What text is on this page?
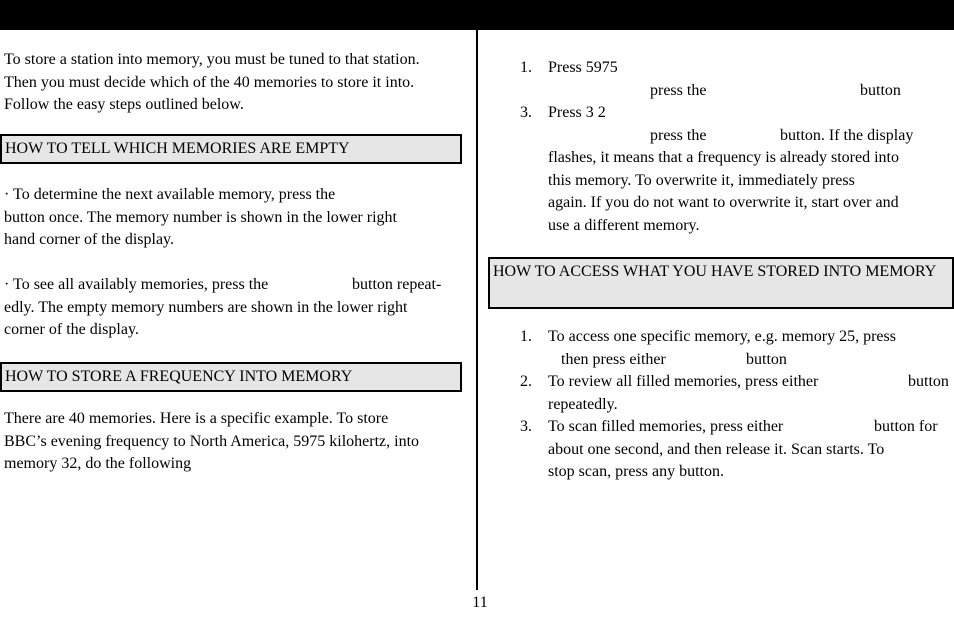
To store a station into memory, you must be tuned to that station.
Then you must decide which of the 40 memories to store it into.
Follow the easy steps outlined below.
HOW TO TELL WHICH MEMORIES ARE EMPTY
· To determine the next available memory, press the
button once. The memory number is shown in the lower right
hand corner of the display.
· To see all availably memories, press the	button repeat-
edly. The empty memory numbers are shown in the lower right
corner of the display.
HOW TO STORE A FREQUENCY INTO MEMORY
There are 40 memories. Here is a specific example. To store
BBC’s evening frequency to North America, 5975 kilohertz, into
memory 32, do the following
1. Press 5975
press the	button
3. Press 3 2
press the	button. If the display
flashes, it means that a frequency is already stored into
this memory. To overwrite it, immediately press
again. If you do not want to overwrite it, start over and
use a different memory.
HOW TO ACCESS WHAT YOU HAVE STORED INTO MEMORY
1. To access one specific memory, e.g. memory 25, press
then press either	button
2. To review all filled memories, press either	button
repeatedly.
3. To scan filled memories, press either	button for
about one second, and then release it. Scan starts. To
stop scan, press any button.
11
